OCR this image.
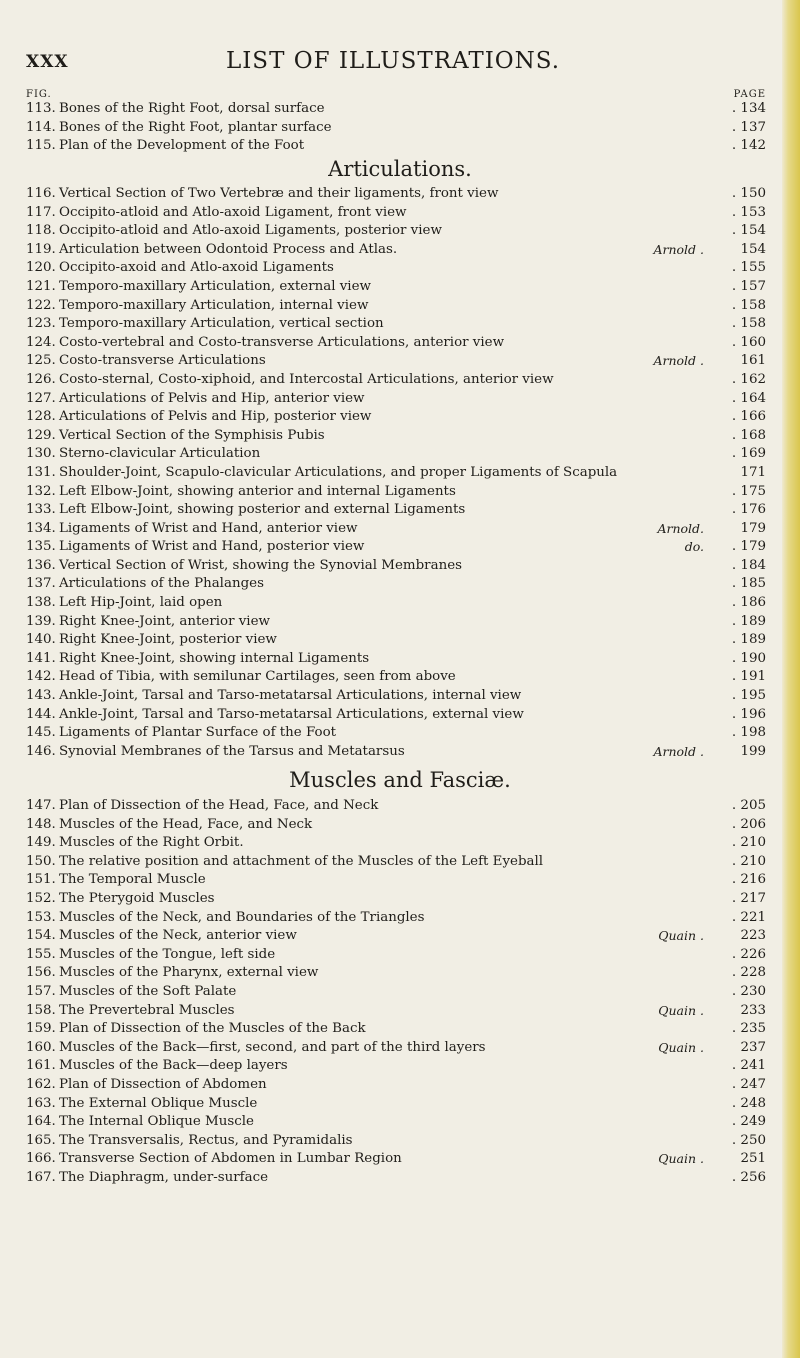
XXX	LIST OF ILLUSTRATIONS.
FIG.	PAGE
113. Bones of the Right Foot, dorsal surface	. 134
114. Bones of the Right Foot, plantar surface	. 137
115. Plan of the Development of the Foot	. 142
Articulations.
116. Vertical Section of Two Vertebræ and their ligaments, front view	. 150
117. Occipito-atloid and Atlo-axoid Ligament, front view	. 153
118. Occipito-atloid and Atlo-axoid Ligaments, posterior view	. 154
119. Articulation between Odontoid Process and Atlas.	Arnold .	154
120. Occipito-axoid and Atlo-axoid Ligaments	. 155
121. Temporo-maxillary Articulation, external view	. 157
122. Temporo-maxillary Articulation, internal view	. 158
123. Temporo-maxillary Articulation, vertical section	. 158
124. Costo-vertebral and Costo-transverse Articulations, anterior view	. 160
125. Costo-transverse Articulations	Arnold .	161
126. Costo-sternal, Costo-xiphoid, and Intercostal Articulations, anterior view	. 162
127. Articulations of Pelvis and Hip, anterior view	. 164
128. Articulations of Pelvis and Hip, posterior view	. 166
129. Vertical Section of the Symphisis Pubis	. 168
130. Sterno-clavicular Articulation	. 169
131. Shoulder-Joint, Scapulo-clavicular Articulations, and proper Ligaments of Scapula	171
132. Left Elbow-Joint, showing anterior and internal Ligaments	. 175
133. Left Elbow-Joint, showing posterior and external Ligaments	. 176
134. Ligaments of Wrist and Hand, anterior view	Arnold.	179
135. Ligaments of Wrist and Hand, posterior view	do.	. 179
136. Vertical Section of Wrist, showing the Synovial Membranes	. 184
137. Articulations of the Phalanges	. 185
138. Left Hip-Joint, laid open	. 186
139. Right Knee-Joint, anterior view	. 189
140. Right Knee-Joint, posterior view	. 189
141. Right Knee-Joint, showing internal Ligaments	. 190
142. Head of Tibia, with semilunar Cartilages, seen from above	. 191
143. Ankle-Joint, Tarsal and Tarso-metatarsal Articulations, internal view	. 195
144. Ankle-Joint, Tarsal and Tarso-metatarsal Articulations, external view	. 196
145. Ligaments of Plantar Surface of the Foot	. 198
146. Synovial Membranes of the Tarsus and Metatarsus	Arnold .	199
Muscles and Fasciæ.
147. Plan of Dissection of the Head, Face, and Neck	. 205
148. Muscles of the Head, Face, and Neck	. 206
149. Muscles of the Right Orbit.	. 210
150. The relative position and attachment of the Muscles of the Left Eyeball	. 210
151. The Temporal Muscle	. 216
152. The Pterygoid Muscles	. 217
153. Muscles of the Neck, and Boundaries of the Triangles	. 221
154. Muscles of the Neck, anterior view	Quain .	223
155. Muscles of the Tongue, left side	. 226
156. Muscles of the Pharynx, external view	. 228
157. Muscles of the Soft Palate	. 230
158. The Prevertebral Muscles	Quain .	233
159. Plan of Dissection of the Muscles of the Back	. 235
160. Muscles of the Back—first, second, and part of the third layers	Quain .	237
161. Muscles of the Back—deep layers	. 241
162. Plan of Dissection of Abdomen	. 247
163. The External Oblique Muscle	. 248
164. The Internal Oblique Muscle	. 249
165. The Transversalis, Rectus, and Pyramidalis	. 250
166. Transverse Section of Abdomen in Lumbar Region	Quain .	251
167. The Diaphragm, under-surface	. 256
